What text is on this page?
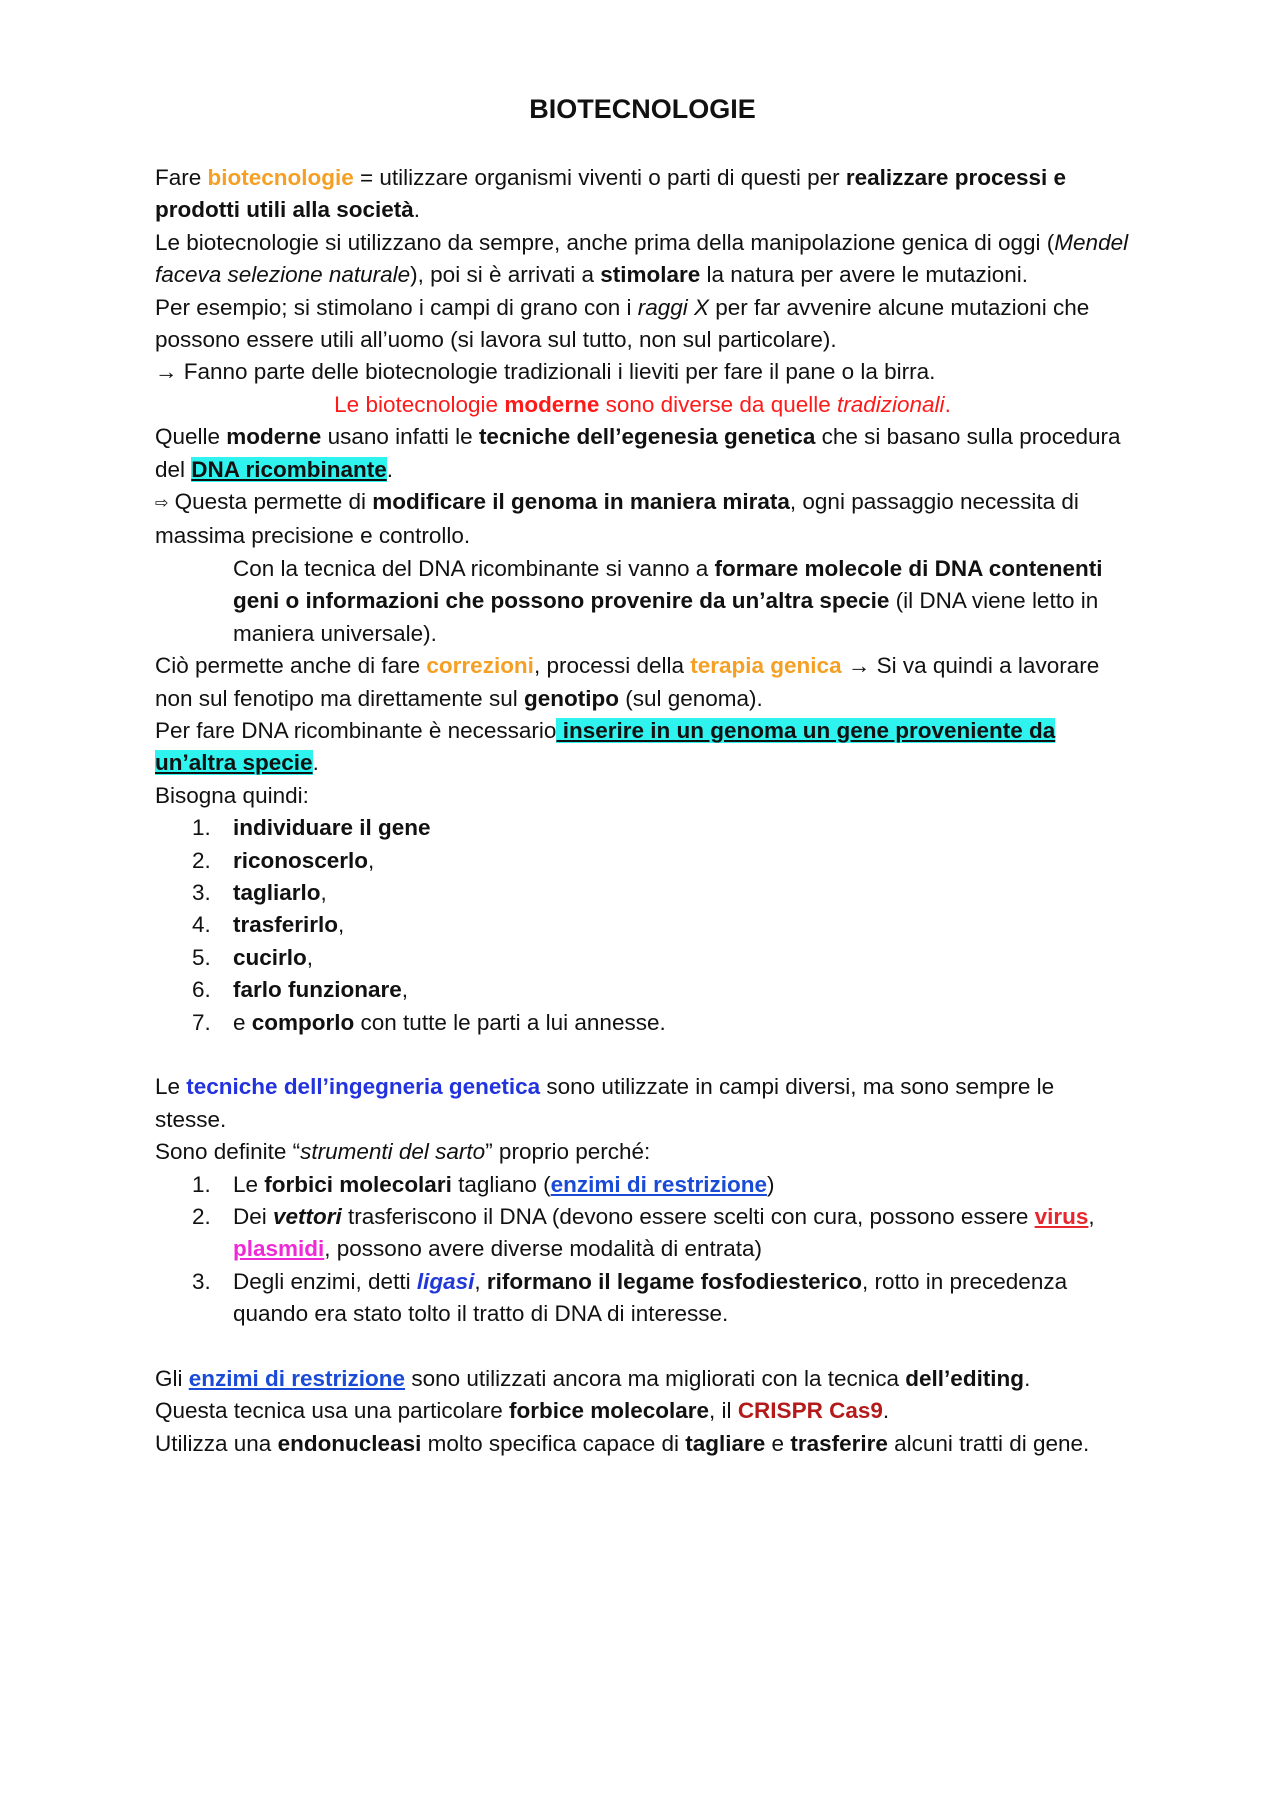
BIOTECNOLOGIE

Fare biotecnologie = utilizzare organismi viventi o parti di questi per realizzare processi e prodotti utili alla società.

Le biotecnologie si utilizzano da sempre, anche prima della manipolazione genica di oggi (Mendel faceva selezione naturale), poi si è arrivati a stimolare la natura per avere le mutazioni.

Per esempio; si stimolano i campi di grano con i raggi X per far avvenire alcune mutazioni che possono essere utili all’uomo (si lavora sul tutto, non sul particolare).

→ Fanno parte delle biotecnologie tradizionali i lieviti per fare il pane o la birra.

Le biotecnologie moderne sono diverse da quelle tradizionali.

Quelle moderne usano infatti le tecniche dell’egenesia genetica che si basano sulla procedura del DNA ricombinante.

⇨ Questa permette di modificare il genoma in maniera mirata, ogni passaggio necessita di massima precisione e controllo.

Con la tecnica del DNA ricombinante si vanno a formare molecole di DNA contenenti geni o informazioni che possono provenire da un’altra specie (il DNA viene letto in maniera universale).

Ciò permette anche di fare correzioni, processi della terapia genica → Si va quindi a lavorare non sul fenotipo ma direttamente sul genotipo (sul genoma).

Per fare DNA ricombinante è necessario inserire in un genoma un gene proveniente da un’altra specie.

Bisogna quindi:

1. individuare il gene
2. riconoscerlo,
3. tagliarlo,
4. trasferirlo,
5. cucirlo,
6. farlo funzionare,
7. e comporlo con tutte le parti a lui annesse.

Le tecniche dell’ingegneria genetica sono utilizzate in campi diversi, ma sono sempre le stesse.

Sono definite “strumenti del sarto” proprio perché:

1. Le forbici molecolari tagliano (enzimi di restrizione)
2. Dei vettori trasferiscono il DNA (devono essere scelti con cura, possono essere virus, plasmidi, possono avere diverse modalità di entrata)
3. Degli enzimi, detti ligasi, riformano il legame fosfodiesterico, rotto in precedenza quando era stato tolto il tratto di DNA di interesse.

Gli enzimi di restrizione sono utilizzati ancora ma migliorati con la tecnica dell’editing.

Questa tecnica usa una particolare forbice molecolare, il CRISPR Cas9.

Utilizza una endonucleasi molto specifica capace di tagliare e trasferire alcuni tratti di gene.
